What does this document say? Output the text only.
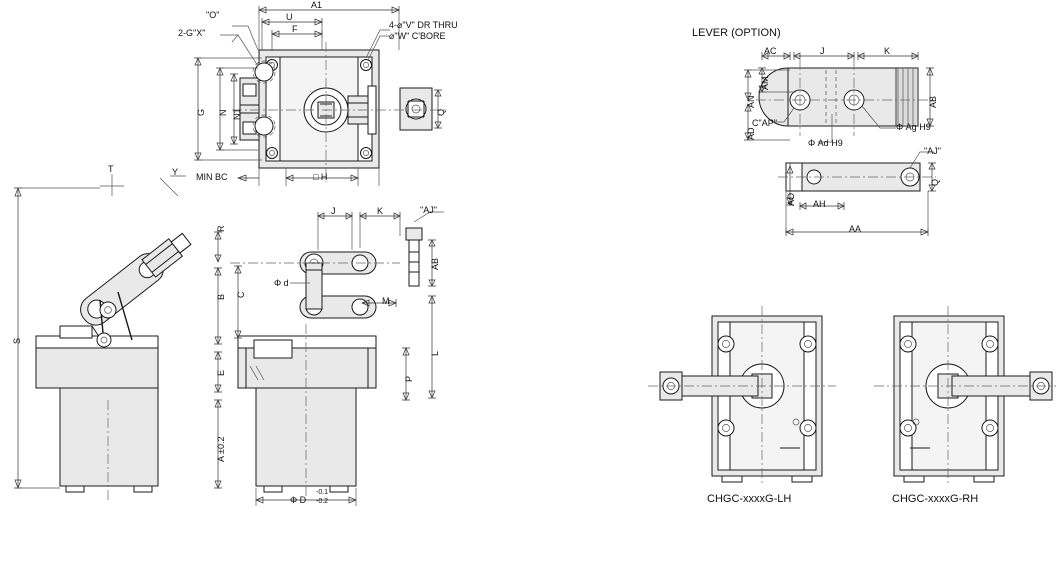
A1
U
F
"O"
2-G"X"
4-⌀"V" DR THRU
⌀"W" C'BORE
G N N1	Q
MIN BC	□ H
T	Y
S
R
B C
E
A ±0.2
J	K	"AJ"
AB
M
L
P
Φ d
Φ D
-0.1
-0.2
LEVER (OPTION)
AC	J	K
AM
AN
AD
AB
C"AP"
Φ Ad H9
Φ Ag H9
"AJ"
Q
AO AH
AA
CHGC-xxxxG-LH	CHGC-xxxxG-RH
